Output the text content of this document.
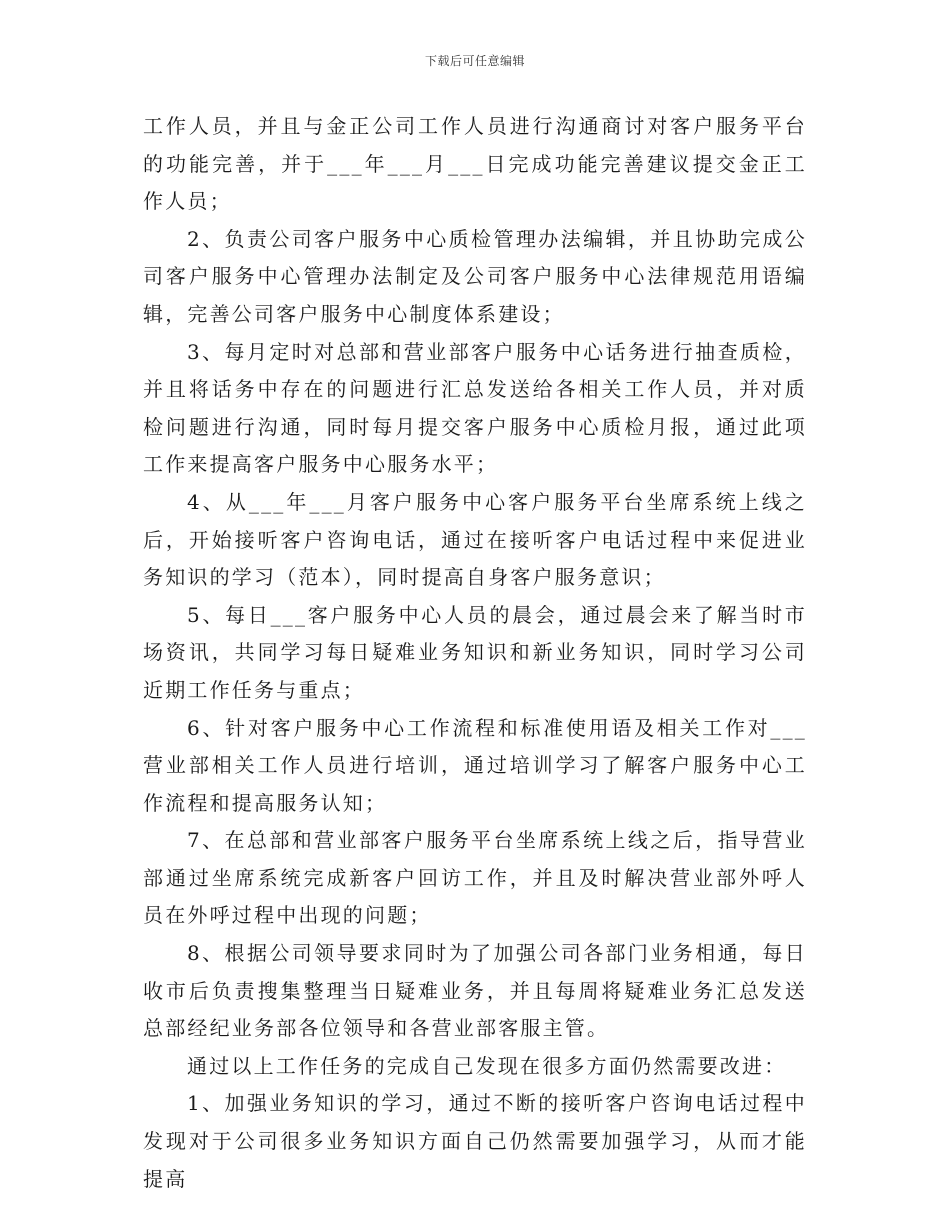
下载后可任意编辑

工作人员，并且与金正公司工作人员进行沟通商讨对客户服务平台的功能完善，并于___年___月___日完成功能完善建议提交金正工作人员；

2、负责公司客户服务中心质检管理办法编辑，并且协助完成公司客户服务中心管理办法制定及公司客户服务中心法律规范用语编辑，完善公司客户服务中心制度体系建设；

3、每月定时对总部和营业部客户服务中心话务进行抽查质检，并且将话务中存在的问题进行汇总发送给各相关工作人员，并对质检问题进行沟通，同时每月提交客户服务中心质检月报，通过此项工作来提高客户服务中心服务水平；

4、从___年___月客户服务中心客户服务平台坐席系统上线之后，开始接听客户咨询电话，通过在接听客户电话过程中来促进业务知识的学习（范本），同时提高自身客户服务意识；

5、每日___客户服务中心人员的晨会，通过晨会来了解当时市场资讯，共同学习每日疑难业务知识和新业务知识，同时学习公司近期工作任务与重点；

6、针对客户服务中心工作流程和标准使用语及相关工作对___营业部相关工作人员进行培训，通过培训学习了解客户服务中心工作流程和提高服务认知；

7、在总部和营业部客户服务平台坐席系统上线之后，指导营业部通过坐席系统完成新客户回访工作，并且及时解决营业部外呼人员在外呼过程中出现的问题；

8、根据公司领导要求同时为了加强公司各部门业务相通，每日收市后负责搜集整理当日疑难业务，并且每周将疑难业务汇总发送总部经纪业务部各位领导和各营业部客服主管。

通过以上工作任务的完成自己发现在很多方面仍然需要改进：

1、加强业务知识的学习，通过不断的接听客户咨询电话过程中发现对于公司很多业务知识方面自己仍然需要加强学习，从而才能提高
